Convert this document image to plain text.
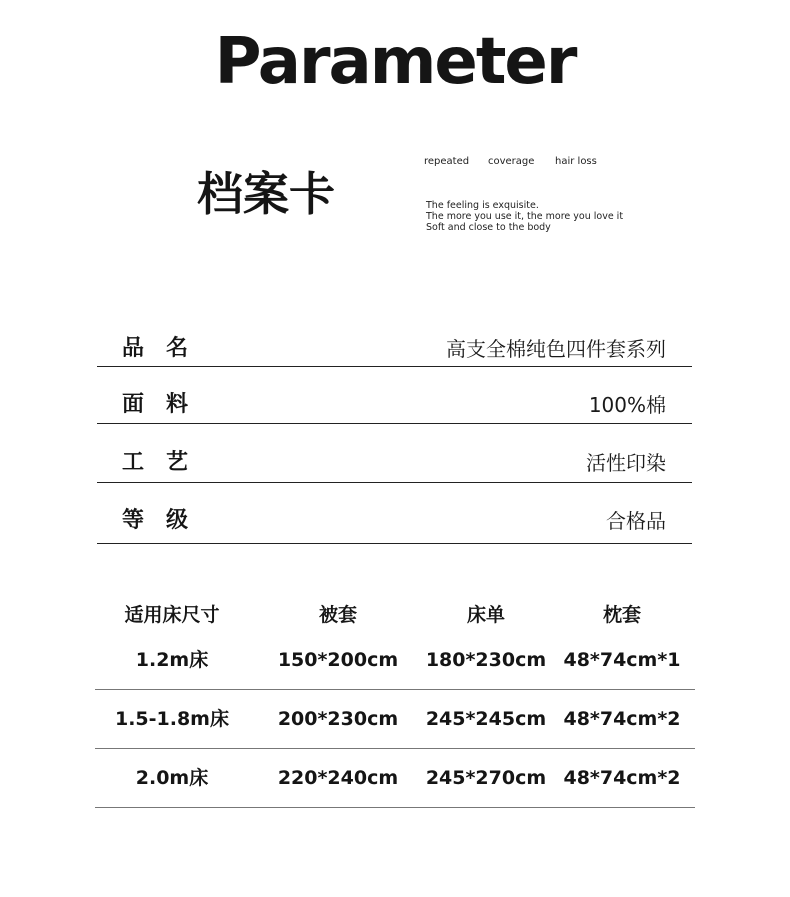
Parameter
档案卡
repeated coverage hair loss
The feeling is exquisite.
The more you use it, the more you love it
Soft and close to the body
品名	高支全棉纯色四件套系列
面料	100%棉
工艺	活性印染
等级	合格品
适用床尺寸	被套	床单	枕套
1.2m床	150*200cm	180*230cm 48*74cm*1
1.5-1.8m床	200*230cm	245*245cm 48*74cm*2
2.0m床	220*240cm	245*270cm 48*74cm*2
